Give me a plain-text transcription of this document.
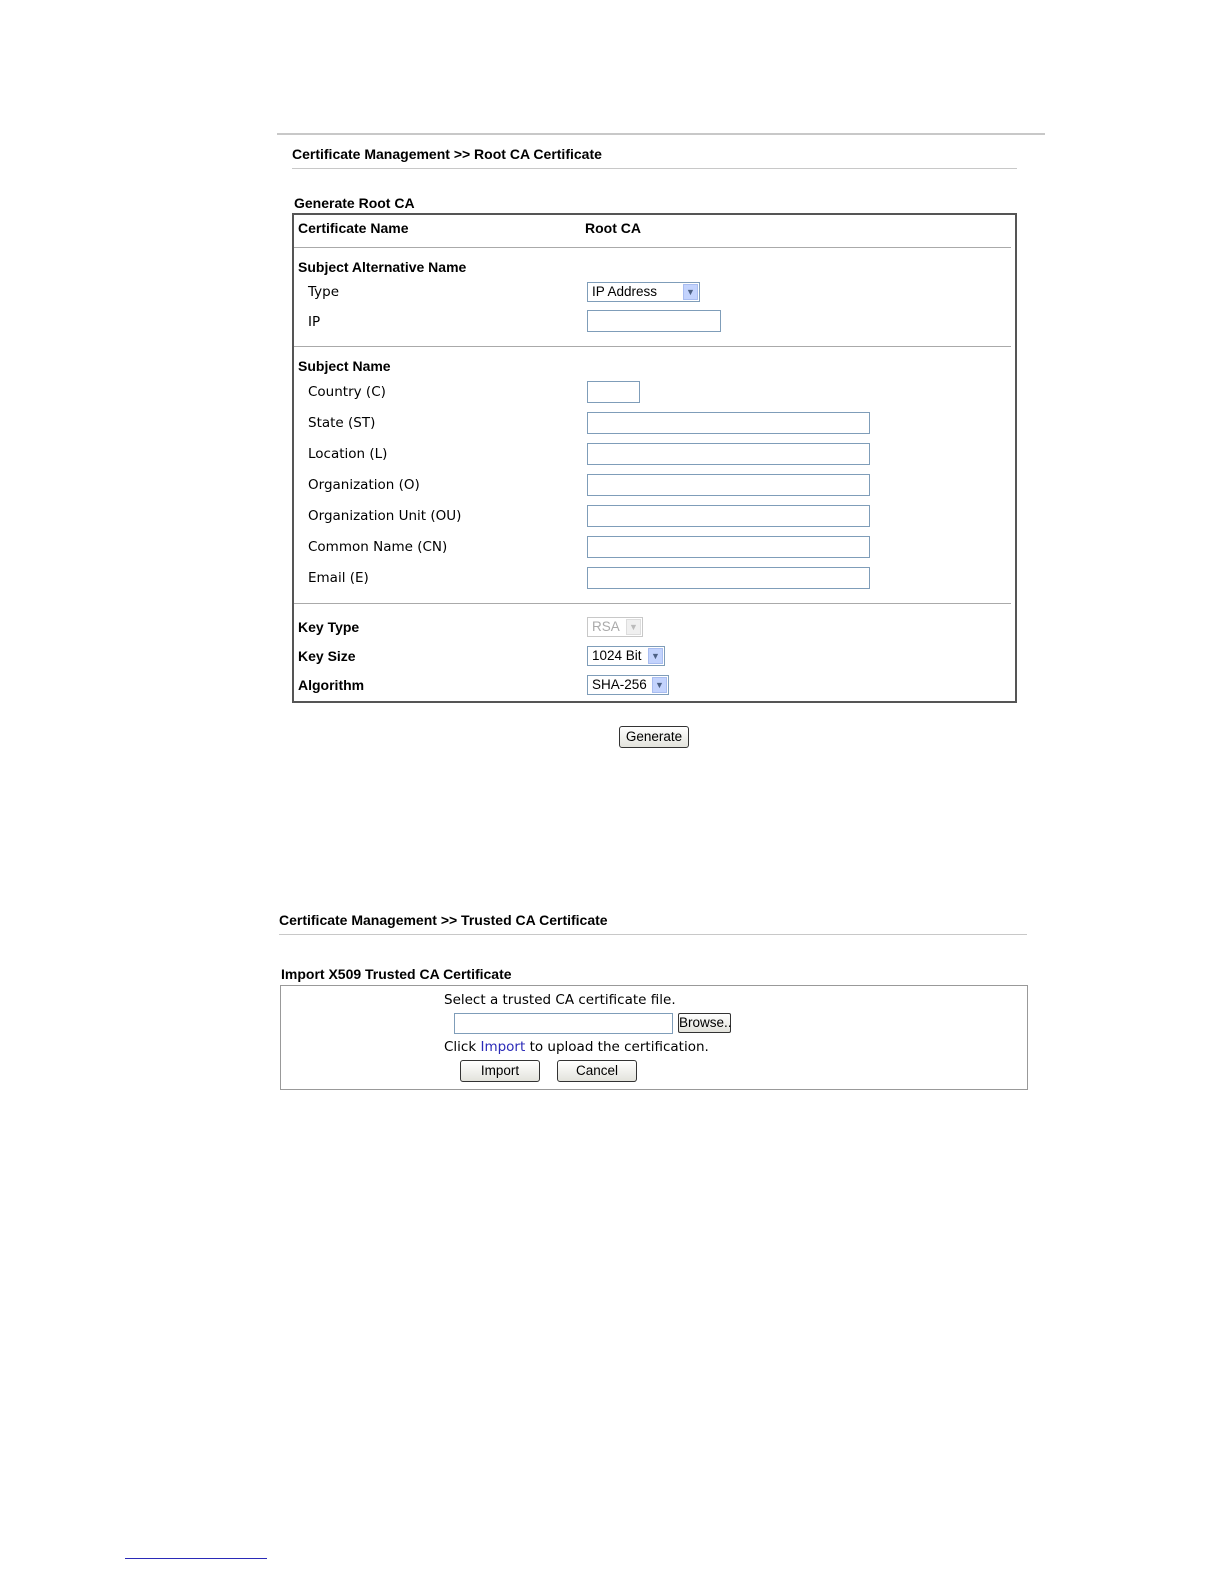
Certificate Management >> Root CA Certificate
Generate Root CA
Certificate Name	Root CA
Subject Alternative Name
Type	IP Address	▼
IP
Subject Name
Country (C)
State (ST)
Location (L)
Organization (O)
Organization Unit (OU)
Common Name (CN)
Email (E)
Key Type	RSA	▼
Key Size	1024 Bit	▼
Algorithm	SHA-256 ▼
Generate
Certificate Management >> Trusted CA Certificate
Import X509 Trusted CA Certificate
Select a trusted CA certificate file.
Browse..
Click Import to upload the certification.
Import	Cancel
